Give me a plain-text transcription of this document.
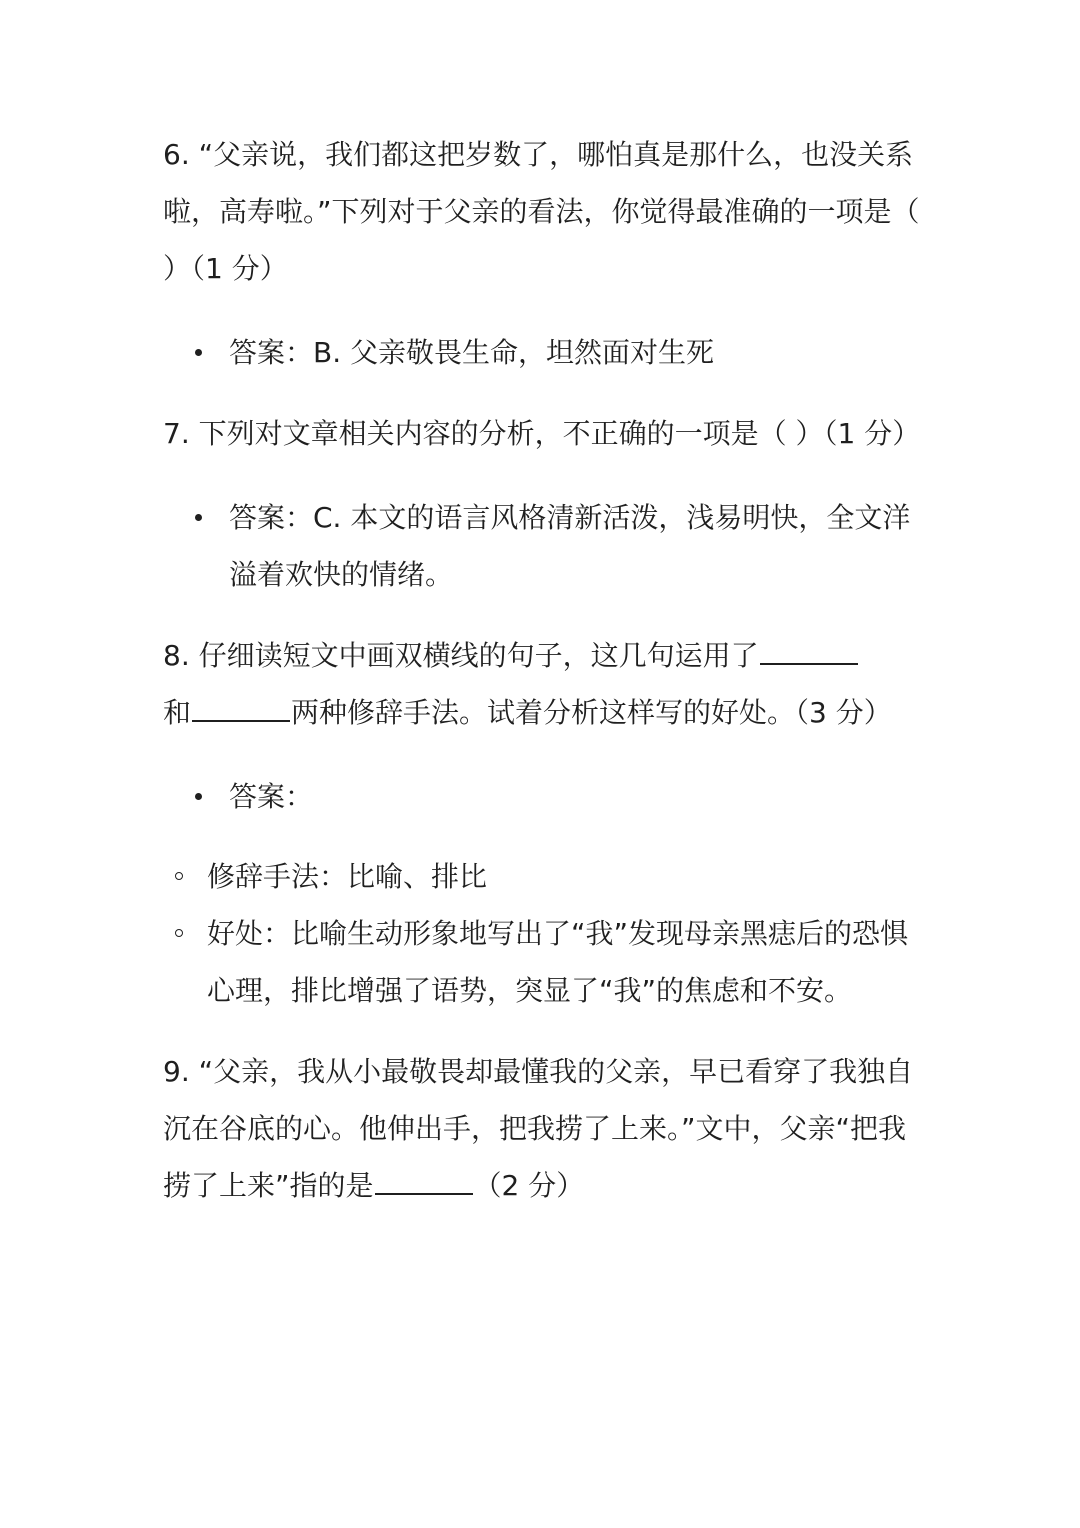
6. “父亲说，我们都这把岁数了，哪怕真是那什么，也没关系啦，高寿啦。”下列对于父亲的看法，你觉得最准确的一项是（ ）（1 分）

答案：B. 父亲敬畏生命，坦然面对生死

7. 下列对文章相关内容的分析，不正确的一项是（ ）（1 分）

答案：C. 本文的语言风格清新活泼，浅易明快，全文洋溢着欢快的情绪。

8. 仔细读短文中画双横线的句子，这几句运用了
和	两种修辞手法。试着分析这样写的好处。（3 分）

答案：

修辞手法：比喻、排比

好处：比喻生动形象地写出了“我”发现母亲黑痣后的恐惧心理，排比增强了语势，突显了“我”的焦虑和不安。

9. “父亲，我从小最敬畏却最懂我的父亲，早已看穿了我独自沉在谷底的心。他伸出手，把我捞了上来。”文中，父亲“把我捞了上来”指的是	（2 分）
